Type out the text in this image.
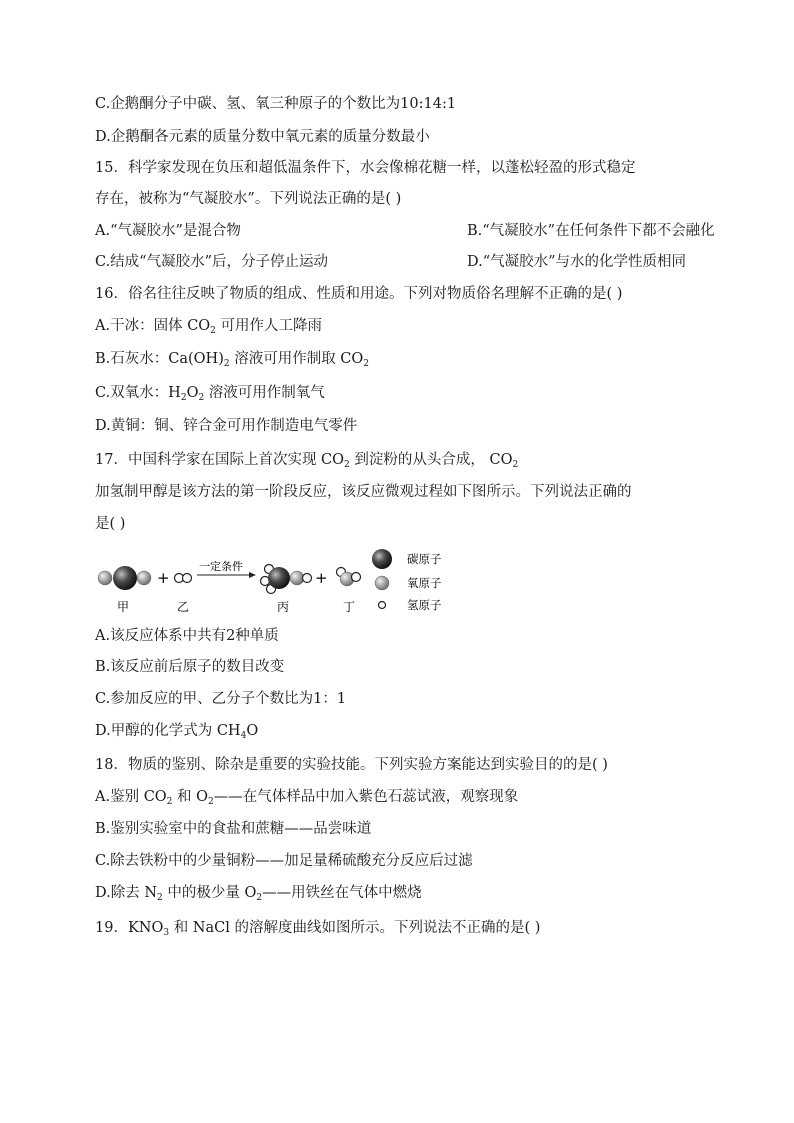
C.企鹅酮分子中碳、氢、氧三种原子的个数比为10:14:1
D.企鹅酮各元素的质量分数中氧元素的质量分数最小
15．科学家发现在负压和超低温条件下，水会像棉花糖一样，以蓬松轻盈的形式稳定
存在，被称为“气凝胶水”。下列说法正确的是( )
A.“气凝胶水”是混合物	B.“气凝胶水”在任何条件下都不会融化
C.结成“气凝胶水”后，分子停止运动	D.“气凝胶水”与水的化学性质相同
16．俗名往往反映了物质的组成、性质和用途。下列对物质俗名理解不正确的是( )
A.干冰：固体 $CO_2$ 可用作人工降雨
B.石灰水：$Ca(OH)_2$ 溶液可用作制取 $CO_2$
C.双氧水：$H_2O_2$ 溶液可用作制氧气
D.黄铜：铜、锌合金可用作制造电气零件
17．中国科学家在国际上首次实现 $CO_2$ 到淀粉的从头合成， $CO_2$
加氢制甲醇是该方法的第一阶段反应，该反应微观过程如下图所示。下列说法正确的
是( )
+
一定条件
+
甲	乙	丙	丁
碳原子
氧原子
氢原子
A.该反应体系中共有2种单质
B.该反应前后原子的数目改变
C.参加反应的甲、乙分子个数比为1：1
D.甲醇的化学式为 $CH_4O$
18．物质的鉴别、除杂是重要的实验技能。下列实验方案能达到实验目的的是( )
A.鉴别 $CO_2$ 和 $O_2——$在气体样品中加入紫色石蕊试液，观察现象
B.鉴别实验室中的食盐和蔗糖——品尝味道
C.除去铁粉中的少量铜粉——加足量稀硫酸充分反应后过滤
D.除去 $N_2$ 中的极少量 $O_2——$用铁丝在气体中燃烧
19．$KNO_3$ 和 NaCl 的溶解度曲线如图所示。下列说法不正确的是( )
